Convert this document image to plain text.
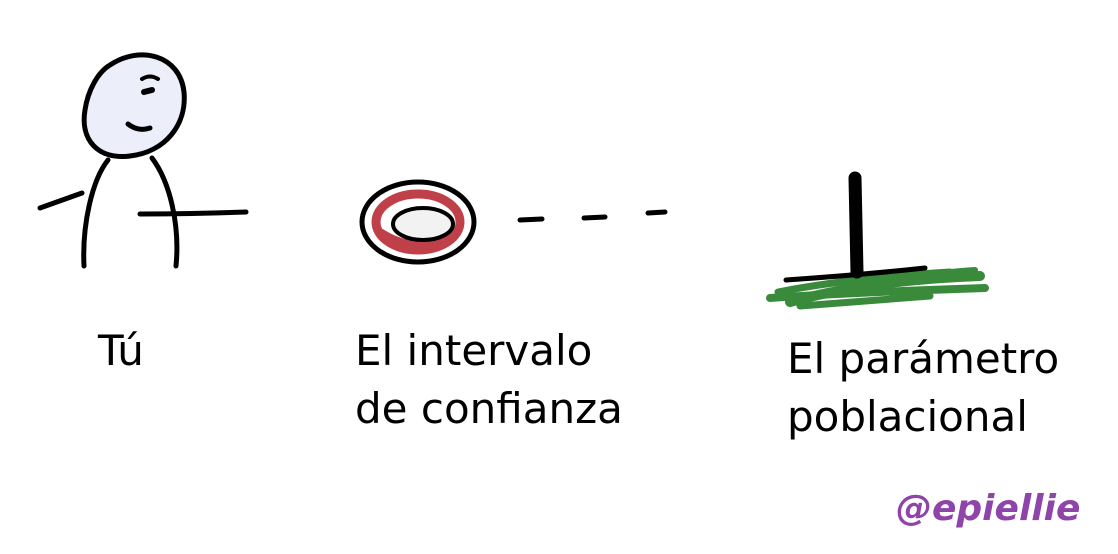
Tú	El intervalo
de confianza
El parámetro
poblacional
@epiellie
